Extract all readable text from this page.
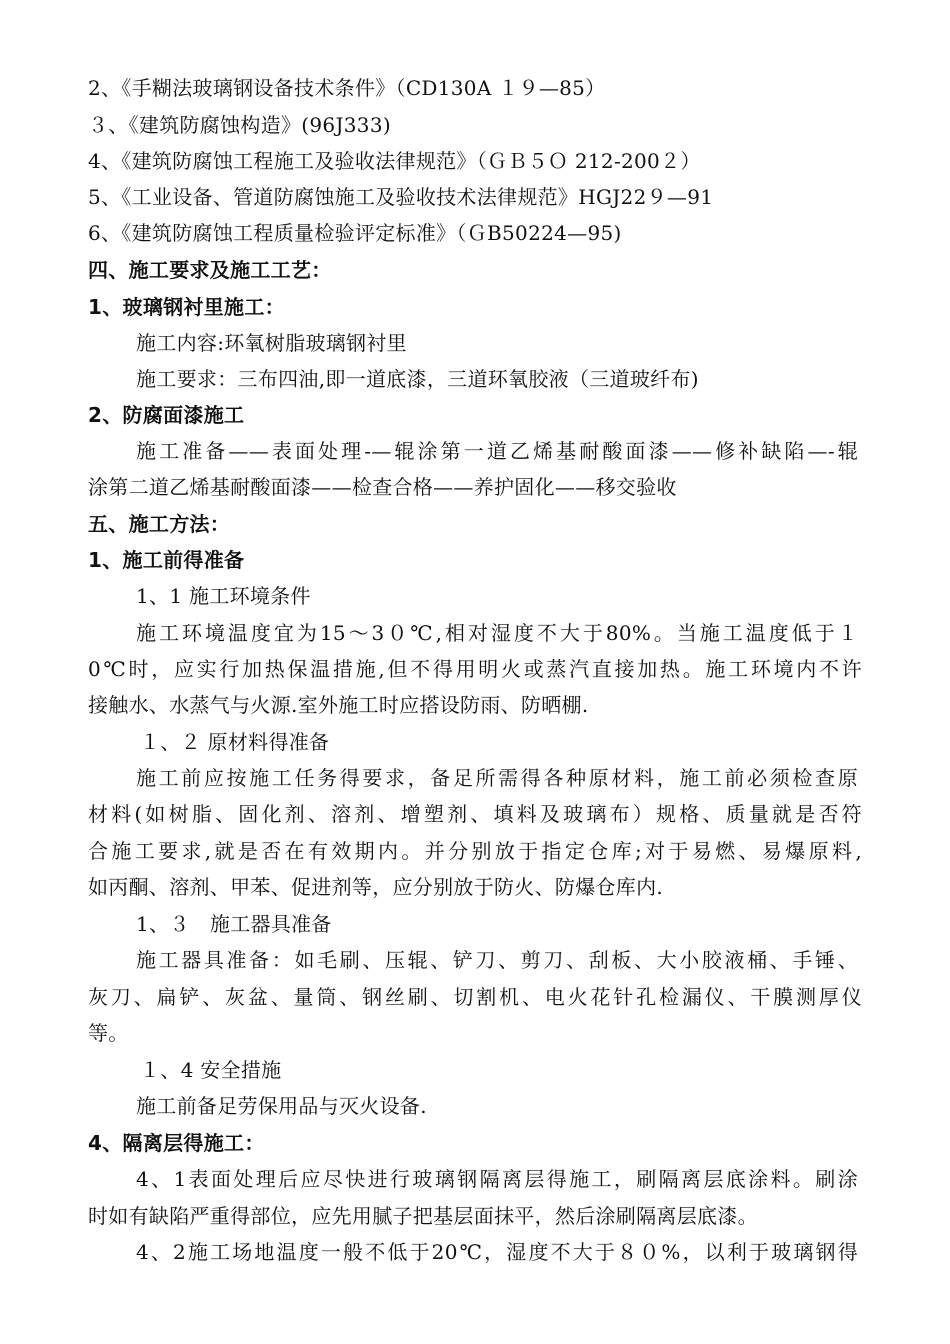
2、《手糊法玻璃钢设备技术条件》（CD130A １９—85）
３、《建筑防腐蚀构造》(96J333)
4、《建筑防腐蚀工程施工及验收法律规范》（ＧＢ５Ｏ 212-200２）
5、《工业设备、管道防腐蚀施工及验收技术法律规范》HGJ22９—91
6、《建筑防腐蚀工程质量检验评定标准》（ＧB50224—95)
四、施工要求及施工工艺：
1、玻璃钢衬里施工：
施工内容:环氧树脂玻璃钢衬里
施工要求：三布四油,即一道底漆，三道环氧胶液（三道玻纤布)
2、防腐面漆施工
施工准备——表面处理-—辊涂第一道乙烯基耐酸面漆——修补缺陷—-辊
涂第二道乙烯基耐酸面漆——检查合格——养护固化——移交验收
五、施工方法：
1、施工前得准备
1、1 施工环境条件
施工环境温度宜为15～3０℃,相对湿度不大于80%。当施工温度低于１
0℃时，应实行加热保温措施,但不得用明火或蒸汽直接加热。施工环境内不许
接触水、水蒸气与火源.室外施工时应搭设防雨、防晒棚.
１、２ 原材料得准备
施工前应按施工任务得要求，备足所需得各种原材料，施工前必须检查原
材料(如树脂、固化剂、溶剂、增塑剂、填料及玻璃布）规格、质量就是否符
合施工要求,就是否在有效期内。并分别放于指定仓库;对于易燃、易爆原料,
如丙酮、溶剂、甲苯、促进剂等，应分别放于防火、防爆仓库内.
1、３　施工器具准备
施工器具准备：如毛刷、压辊、铲刀、剪刀、刮板、大小胶液桶、手锤、
灰刀、扁铲、灰盆、量筒、钢丝刷、切割机、电火花针孔检漏仪、干膜测厚仪
等。
１、4 安全措施
施工前备足劳保用品与灭火设备.
4、隔离层得施工：
4、1表面处理后应尽快进行玻璃钢隔离层得施工，刷隔离层底涂料。刷涂
时如有缺陷严重得部位，应先用腻子把基层面抹平，然后涂刷隔离层底漆。
4、2施工场地温度一般不低于20℃，湿度不大于８０%，以利于玻璃钢得
